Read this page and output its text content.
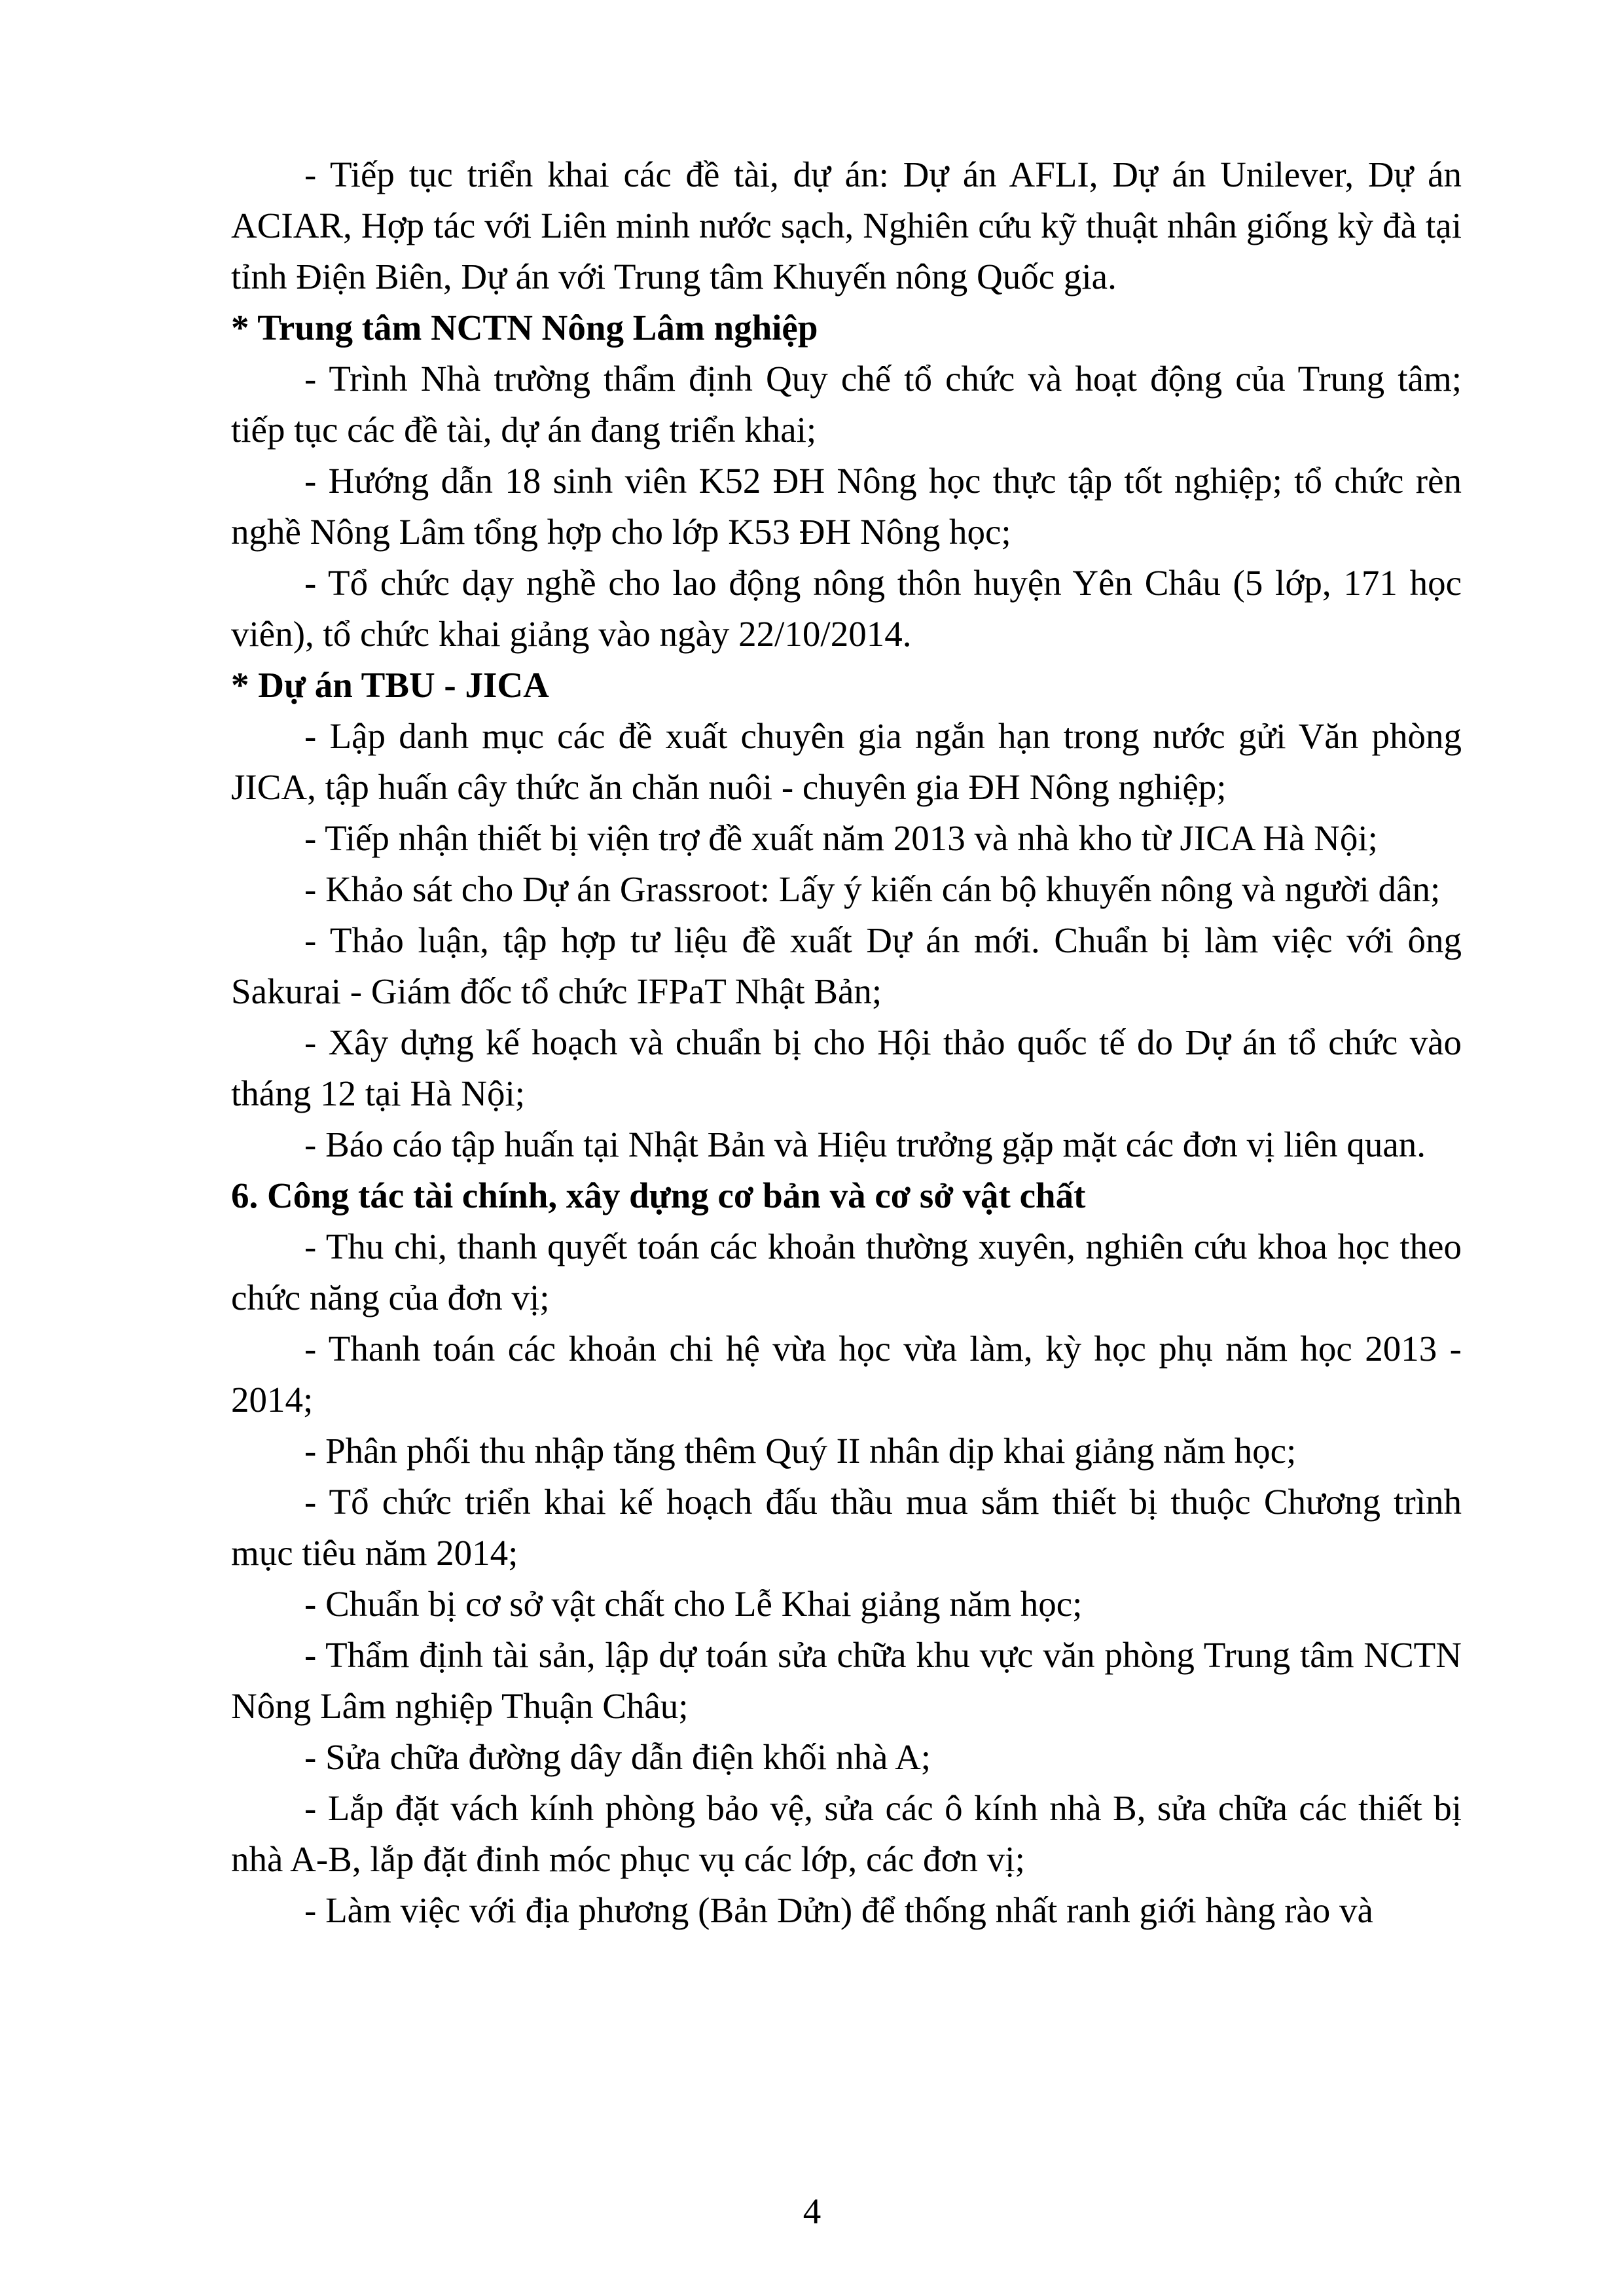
- Tiếp tục triển khai các đề tài, dự án: Dự án AFLI, Dự án Unilever, Dự án ACIAR, Hợp tác với Liên minh nước sạch, Nghiên cứu kỹ thuật nhân giống kỳ đà tại tỉnh Điện Biên, Dự án với Trung tâm Khuyến nông Quốc gia.

* Trung tâm NCTN Nông Lâm nghiệp

- Trình Nhà trường thẩm định Quy chế tổ chức và hoạt động của Trung tâm; tiếp tục các đề tài, dự án đang triển khai;

- Hướng dẫn 18 sinh viên K52 ĐH Nông học thực tập tốt nghiệp; tổ chức rèn nghề Nông Lâm tổng hợp cho lớp K53 ĐH Nông học;

- Tổ chức dạy nghề cho lao động nông thôn huyện Yên Châu (5 lớp, 171 học viên), tổ chức khai giảng vào ngày 22/10/2014.

* Dự án TBU - JICA

- Lập danh mục các đề xuất chuyên gia ngắn hạn trong nước gửi Văn phòng JICA, tập huấn cây thức ăn chăn nuôi - chuyên gia ĐH Nông nghiệp;

- Tiếp nhận thiết bị viện trợ đề xuất năm 2013 và nhà kho từ JICA Hà Nội;

- Khảo sát cho Dự án Grassroot: Lấy ý kiến cán bộ khuyến nông và người dân;

- Thảo luận, tập hợp tư liệu đề xuất Dự án mới. Chuẩn bị làm việc với ông Sakurai - Giám đốc tổ chức IFPaT Nhật Bản;

- Xây dựng kế hoạch và chuẩn bị cho Hội thảo quốc tế do Dự án tổ chức vào tháng 12 tại Hà Nội;

- Báo cáo tập huấn tại Nhật Bản và Hiệu trưởng gặp mặt các đơn vị liên quan.

6. Công tác tài chính, xây dựng cơ bản và cơ sở vật chất

- Thu chi, thanh quyết toán các khoản thường xuyên, nghiên cứu khoa học theo chức năng của đơn vị;

- Thanh toán các khoản chi hệ vừa học vừa làm, kỳ học phụ năm học 2013 - 2014;

- Phân phối thu nhập tăng thêm Quý II nhân dịp khai giảng năm học;

- Tổ chức triển khai kế hoạch đấu thầu mua sắm thiết bị thuộc Chương trình mục tiêu năm 2014;

- Chuẩn bị cơ sở vật chất cho Lễ Khai giảng năm học;

- Thẩm định tài sản, lập dự toán sửa chữa khu vực văn phòng Trung tâm NCTN Nông Lâm nghiệp Thuận Châu;

- Sửa chữa đường dây dẫn điện khối nhà A;

- Lắp đặt vách kính phòng bảo vệ, sửa các ô kính nhà B, sửa chữa các thiết bị nhà A-B, lắp đặt đinh móc phục vụ các lớp, các đơn vị;

- Làm việc với địa phương (Bản Dửn) để thống nhất ranh giới hàng rào và

4
